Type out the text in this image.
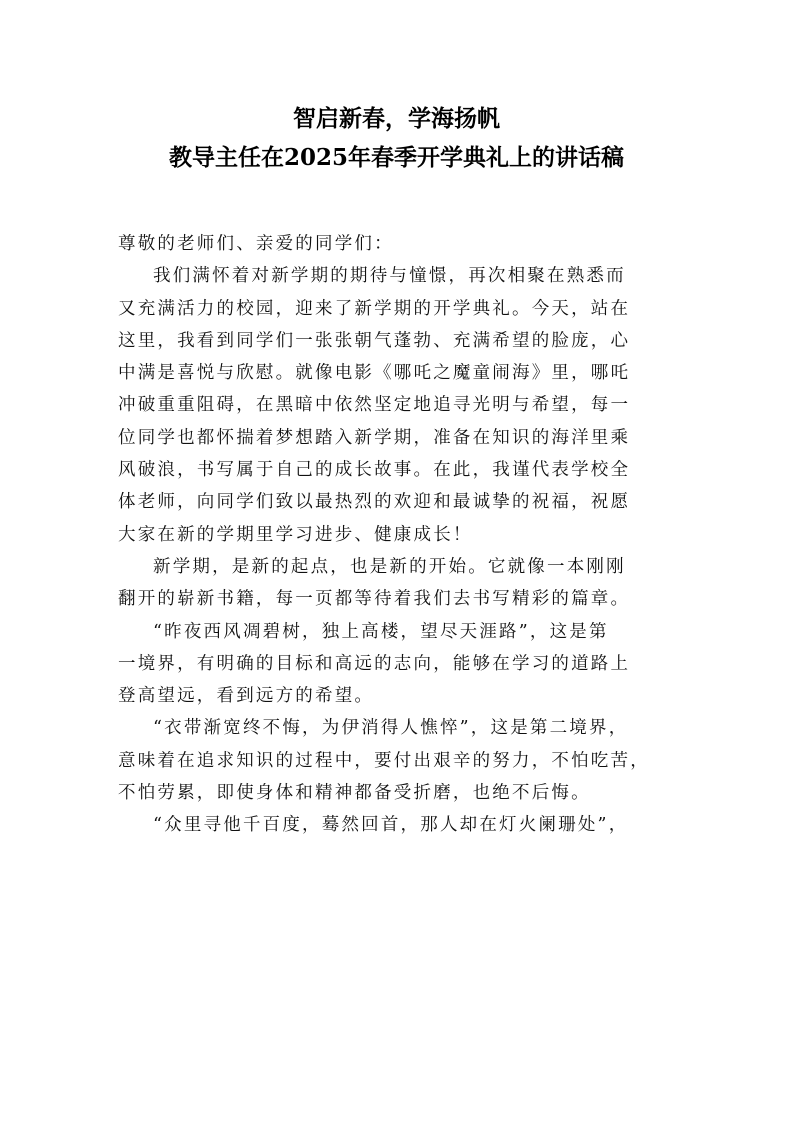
智启新春，学海扬帆
教导主任在2025年春季开学典礼上的讲话稿

尊敬的老师们、亲爱的同学们：

我们满怀着对新学期的期待与憧憬，再次相聚在熟悉而
又充满活力的校园，迎来了新学期的开学典礼。今天，站在
这里，我看到同学们一张张朝气蓬勃、充满希望的脸庞，心
中满是喜悦与欣慰。就像电影《哪吒之魔童闹海》里，哪吒
冲破重重阻碍，在黑暗中依然坚定地追寻光明与希望，每一
位同学也都怀揣着梦想踏入新学期，准备在知识的海洋里乘
风破浪，书写属于自己的成长故事。在此，我谨代表学校全
体老师，向同学们致以最热烈的欢迎和最诚挚的祝福，祝愿
大家在新的学期里学习进步、健康成长！

新学期，是新的起点，也是新的开始。它就像一本刚刚
翻开的崭新书籍，每一页都等待着我们去书写精彩的篇章。

“昨夜西风凋碧树，独上高楼，望尽天涯路”，这是第
一境界，有明确的目标和高远的志向，能够在学习的道路上
登高望远，看到远方的希望。

“衣带渐宽终不悔，为伊消得人憔悴”，这是第二境界，
意味着在追求知识的过程中，要付出艰辛的努力，不怕吃苦，
不怕劳累，即使身体和精神都备受折磨，也绝不后悔。

“众里寻他千百度，蓦然回首，那人却在灯火阑珊处”，
